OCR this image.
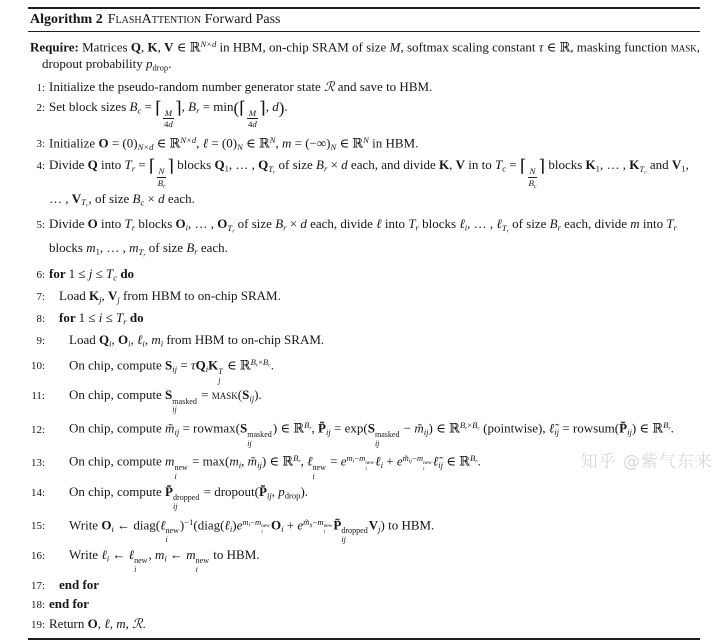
Algorithm 2 FlashAttention Forward Pass
Require: Matrices Q, K, V ∈ ℝ$^{N\times d}$ in HBM, on-chip SRAM of size M, softmax scaling constant τ ∈ ℝ, masking function mask, dropout probability pdrop.
1: Initialize the pseudo-random number generator state ℛ and save to HBM.
2: Set block sizes Bc = ⌈
$\frac{M}{4d}$
⌉, Br = min(⌈
$\frac{M}{4d}$
⌉, d).
3: Initialize O = (0)N×d ∈ ℝ$^{N\times d}$, ℓ = (0)N ∈ ℝ$^N$, m = (−∞)N ∈ ℝ$^N$ in HBM.
4: Divide Q into Tr = ⌈
$\frac{N}{Br}$
⌉ blocks Q1, … , QTr of size Br × d each, and divide K, V in to Tc = ⌈
$\frac{N}{Bc}$
⌉ blocks K1, … , KTc and V1, … , VTc, of size Bc × d each.
5: Divide O into Tr blocks Oi, … , OTr of size Br × d each, divide ℓ into Tr blocks ℓi, … , ℓTr of size Br each, divide m into Tr blocks m1, … , mTr of size Br each.
6: for 1 ≤ j ≤ Tc do
7:	Load Kj, Vj from HBM to on-chip SRAM.
8:	for 1 ≤ i ≤ Tr do
9:	Load Qi, Oi, ℓi, mi from HBM to on-chip SRAM.
10:	On chip, compute Sij = τQiK T
j
∈ ℝ$^{Br\times Bc}$.
11:	On chip, compute S masked
ij
= mask(Sij).
12:	On chip, compute m̃ij = rowmax(S masked
ij
) ∈ ℝ$^{Br}$, P̃ij = exp(S masked
ij
− m̃ij) ∈ ℝ$^{Br\times Bc}$ (pointwise), ℓ̃ij = rowsum(P̃ij) ∈ ℝ$^{Br}$.
13:	On chip, compute m new
i
= max(mi, m̃ij) ∈ ℝ$^{Br}$, ℓ new
i
= $e^{mi-m new i}$
ℓi + $e^{m̃ij-m new i}$
ℓ̃ij ∈ ℝ$^{Br}$.
14:	On chip, compute P̃ dropped
ij
= dropout(P̃ij, pdrop).
15:	Write Oi ← diag(ℓ new
i
)$^{-1}(diag(\ell i)e^{mi-m new i}$
$Oi + e^{m̃ij-m new i}$
P̃ dropped
ij
Vj) to HBM.
16:	Write ℓi ← ℓ new
i
, mi ← m new
i
to HBM.
17:	end for
18: end for
19: Return O, ℓ, m, ℛ.
知乎 @紫气东来
